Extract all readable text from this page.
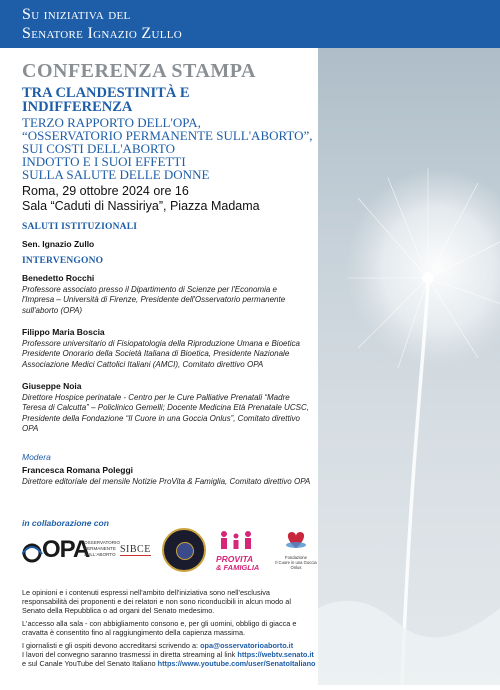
Su iniziativa del
Senatore Ignazio Zullo
CONFERENZA STAMPA
TRA CLANDESTINITÀ E
INDIFFERENZA
TERZO RAPPORTO DELL'OPA,
“OSSERVATORIO PERMANENTE SULL'ABORTO”,
SUI COSTI DELL'ABORTO
INDOTTO E I SUOI EFFETTI
SULLA SALUTE DELLE DONNE
Roma, 29 ottobre 2024 ore 16
Sala “Caduti di Nassiriya”, Piazza Madama
SALUTI ISTITUZIONALI
Sen. Ignazio Zullo
INTERVENGONO
Benedetto Rocchi
Professore associato presso il Dipartimento di Scienze per l'Economia e
l'Impresa – Università di Firenze, Presidente dell'Osservatorio permanente
sull'aborto (OPA)
Filippo Maria Boscia
Professore universitario di Fisiopatologia della Riproduzione Umana e Bioetica
Presidente Onorario della Società Italiana di Bioetica, Presidente Nazionale
Associazione Medici Cattolici Italiani (AMCI), Comitato direttivo OPA
Giuseppe Noia
Direttore Hospice perinatale - Centro per le Cure Palliative Prenatali “Madre
Teresa di Calcutta” – Policlinico Gemelli; Docente Medicina Età Prenatale UCSC,
Presidente della Fondazione “Il Cuore in una Goccia Onlus”, Comitato direttivo
OPA
Modera
Francesca Romana Poleggi
Direttore editoriale del mensile Notizie ProVita & Famiglia, Comitato direttivo OPA
in collaborazione con
OPA
OSSERVATORIO
PERMANENTE
SULL'ABORTO SIBCE
PROVITA
& FAMIGLIA
Fondazione
Il Cuore in una Goccia
Onlus
Le opinioni e i contenuti espressi nell'ambito dell'iniziativa sono nell'esclusiva
responsabilità dei proponenti e dei relatori e non sono riconducibili in alcun modo al
Senato della Repubblica o ad organi del Senato medesimo.
L'accesso alla sala - con abbigliamento consono e, per gli uomini, obbligo di giacca e
cravatta è consentito fino al raggiungimento della capienza massima.
I giornalisti e gli ospiti devono accreditarsi scrivendo a: opa@osservatorioaborto.it
I lavori del convegno saranno trasmessi in diretta streaming al link https://webtv.senato.it
e sul Canale YouTube del Senato Italiano https://www.youtube.com/user/SenatoItaliano
